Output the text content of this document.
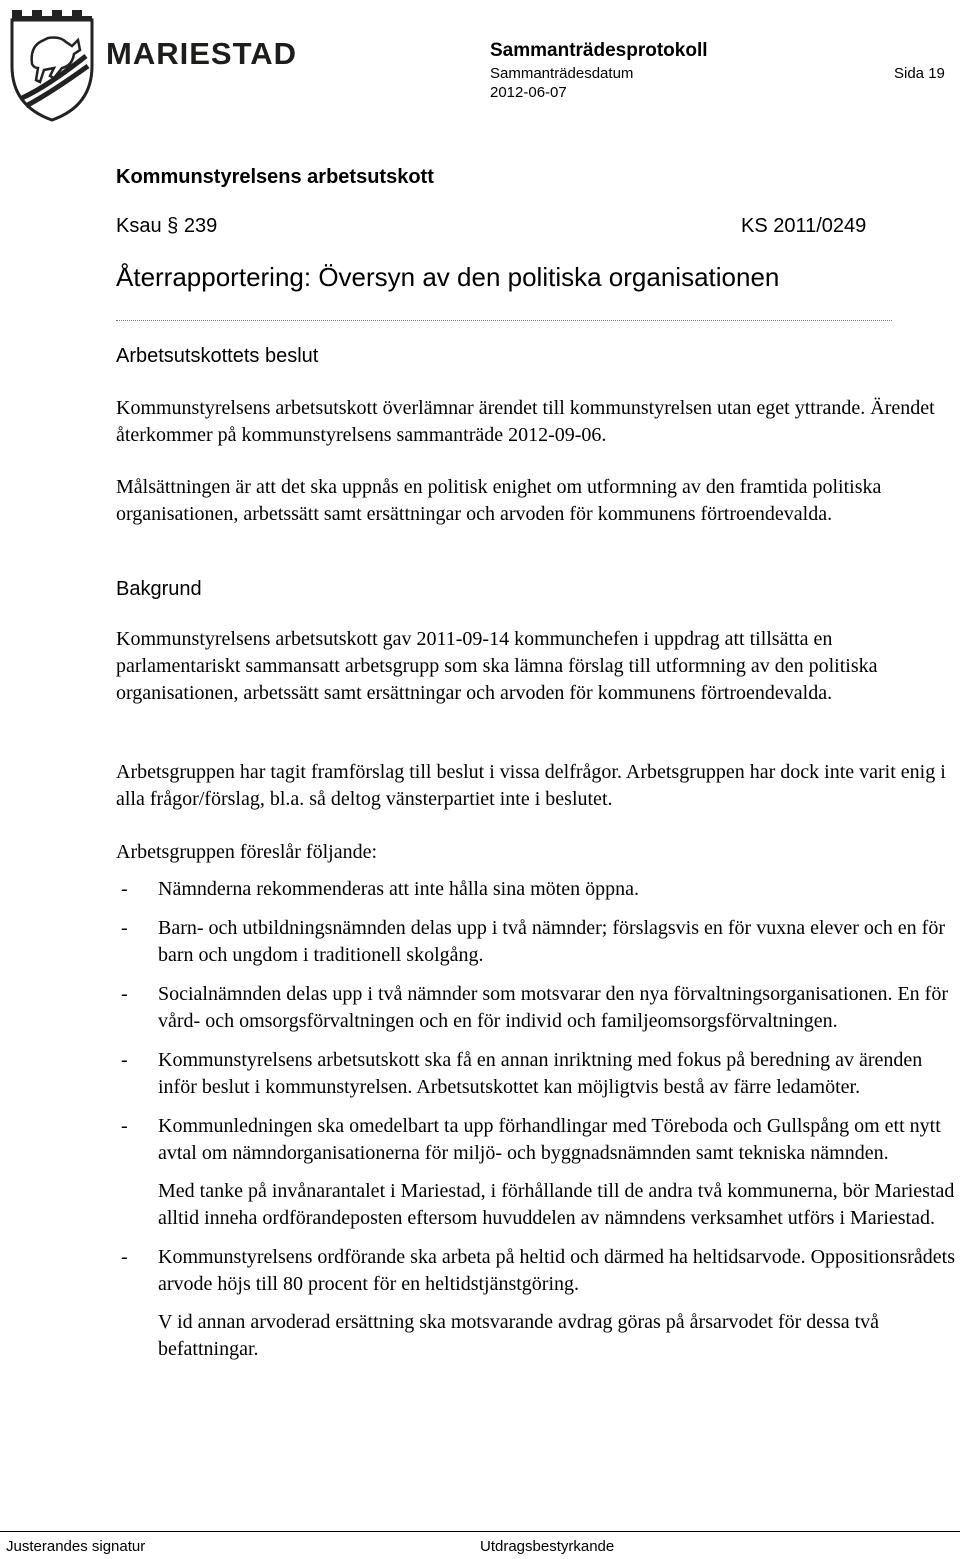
MARIESTAD	Sammanträdesprotokoll
Sammanträdesdatum
2012-06-07
Sida 19
Kommunstyrelsens arbetsutskott
Ksau § 239	KS 2011/0249
Återrapportering: Översyn av den politiska organisationen
Arbetsutskottets beslut

Kommunstyrelsens arbetsutskott överlämnar ärendet till kommunstyrelsen utan eget yttrande. Ärendet återkommer på kommunstyrelsens sammanträde 2012-09-06.

Målsättningen är att det ska uppnås en politisk enighet om utformning av den framtida politiska organisationen, arbetssätt samt ersättningar och arvoden för kommunens förtroendevalda.

Bakgrund

Kommunstyrelsens arbetsutskott gav 2011-09-14 kommunchefen i uppdrag att tillsätta en parlamentariskt sammansatt arbetsgrupp som ska lämna förslag till utformning av den politiska organisationen, arbetssätt samt ersättningar och arvoden för kommunens förtroendevalda.

Arbetsgruppen har tagit framförslag till beslut i vissa delfrågor. Arbetsgruppen har dock inte varit enig i alla frågor/förslag, bl.a. så deltog vänsterpartiet inte i beslutet.

Arbetsgruppen föreslår följande:

- Nämnderna rekommenderas att inte hålla sina möten öppna.

- Barn- och utbildningsnämnden delas upp i två nämnder; förslagsvis en för vuxna elever och en för barn och ungdom i traditionell skolgång.

- Socialnämnden delas upp i två nämnder som motsvarar den nya förvaltningsorganisationen. En för vård- och omsorgsförvaltningen och en för individ och familjeomsorgsförvaltningen.

- Kommunstyrelsens arbetsutskott ska få en annan inriktning med fokus på beredning av ärenden inför beslut i kommunstyrelsen. Arbetsutskottet kan möjligtvis bestå av färre ledamöter.

- Kommunledningen ska omedelbart ta upp förhandlingar med Töreboda och Gullspång om ett nytt avtal om nämndorganisationerna för miljö- och byggnadsnämnden samt tekniska nämnden.

Med tanke på invånarantalet i Mariestad, i förhållande till de andra två kommunerna, bör Mariestad alltid inneha ordförandeposten eftersom huvuddelen av nämndens verksamhet utförs i Mariestad.

- Kommunstyrelsens ordförande ska arbeta på heltid och därmed ha heltidsarvode. Oppositionsrådets arvode höjs till 80 procent för en heltidstjänstgöring.

V id annan arvoderad ersättning ska motsvarande avdrag göras på årsarvodet för dessa två befattningar.

Justerandes signatur	Utdragsbestyrkande
